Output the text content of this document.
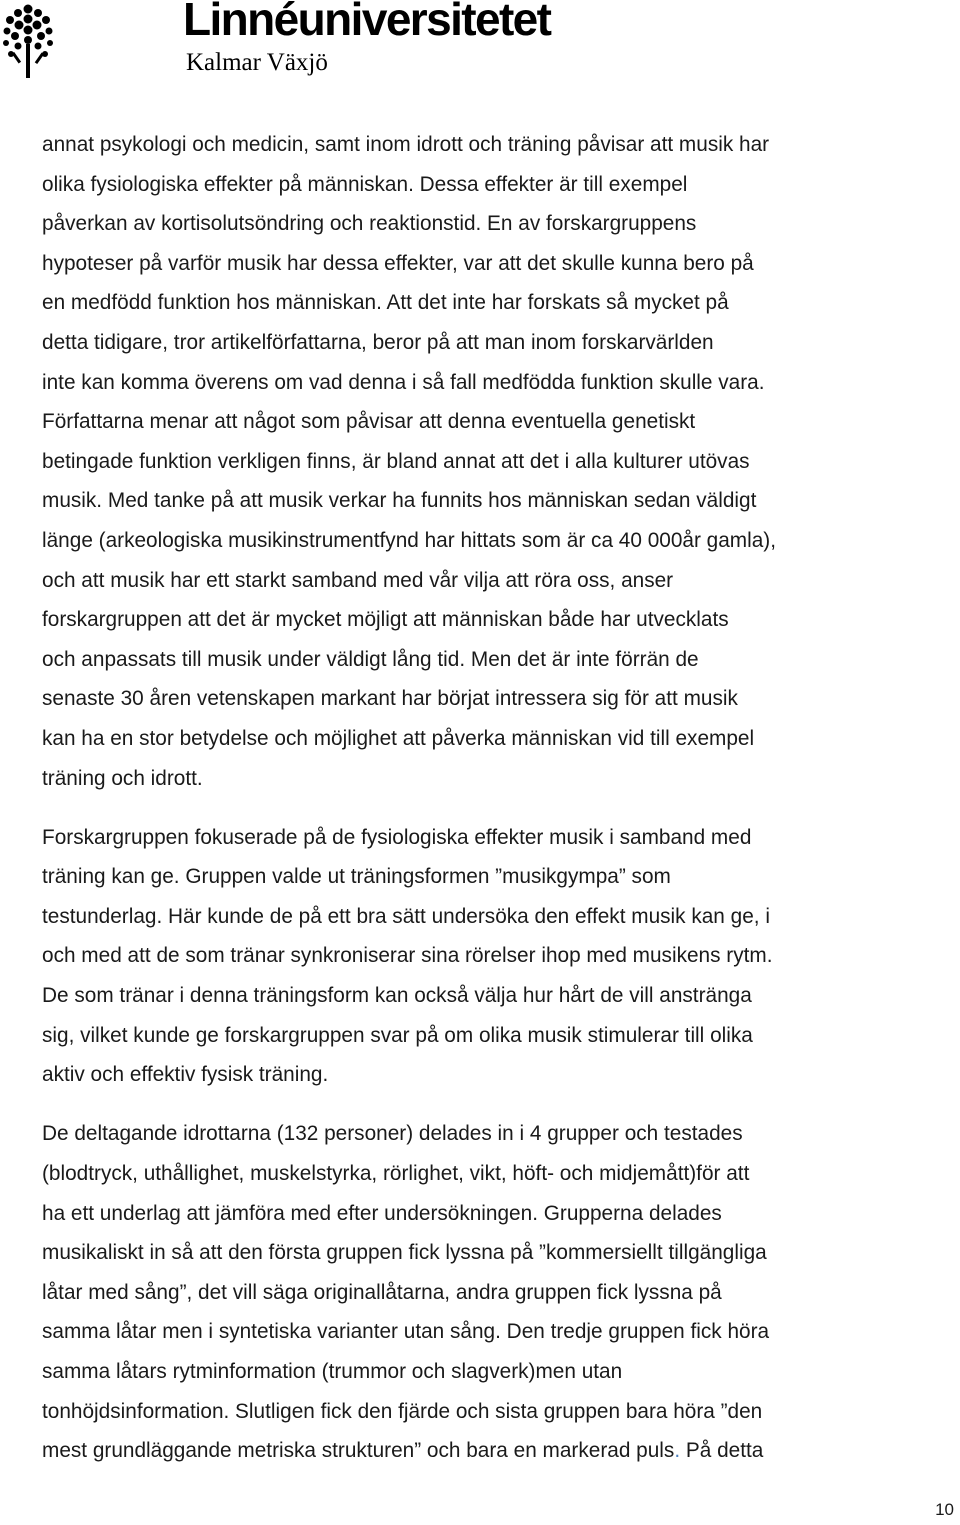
Linnéuniversitetet
Kalmar Växjö

annat psykologi och medicin, samt inom idrott och träning påvisar att musik har
olika fysiologiska effekter på människan. Dessa effekter är till exempel
påverkan av kortisolutsöndring och reaktionstid. En av forskargruppens
hypoteser på varför musik har dessa effekter, var att det skulle kunna bero på
en medfödd funktion hos människan. Att det inte har forskats så mycket på
detta tidigare, tror artikelförfattarna, beror på att man inom forskarvärlden
inte kan komma överens om vad denna i så fall medfödda funktion skulle vara.
Författarna menar att något som påvisar att denna eventuella genetiskt
betingade funktion verkligen finns, är bland annat att det i alla kulturer utövas
musik. Med tanke på att musik verkar ha funnits hos människan sedan väldigt
länge (arkeologiska musikinstrumentfynd har hittats som är ca 40 000år gamla),
och att musik har ett starkt samband med vår vilja att röra oss, anser
forskargruppen att det är mycket möjligt att människan både har utvecklats
och anpassats till musik under väldigt lång tid. Men det är inte förrän de
senaste 30 åren vetenskapen markant har börjat intressera sig för att musik
kan ha en stor betydelse och möjlighet att påverka människan vid till exempel
träning och idrott.

Forskargruppen fokuserade på de fysiologiska effekter musik i samband med
träning kan ge. Gruppen valde ut träningsformen ”musikgympa” som
testunderlag. Här kunde de på ett bra sätt undersöka den effekt musik kan ge, i
och med att de som tränar synkroniserar sina rörelser ihop med musikens rytm.
De som tränar i denna träningsform kan också välja hur hårt de vill anstränga
sig, vilket kunde ge forskargruppen svar på om olika musik stimulerar till olika
aktiv och effektiv fysisk träning.

De deltagande idrottarna (132 personer) delades in i 4 grupper och testades
(blodtryck, uthållighet, muskelstyrka, rörlighet, vikt, höft- och midjemått)för att
ha ett underlag att jämföra med efter undersökningen. Grupperna delades
musikaliskt in så att den första gruppen fick lyssna på ”kommersiellt tillgängliga
låtar med sång”, det vill säga originallåtarna, andra gruppen fick lyssna på
samma låtar men i syntetiska varianter utan sång. Den tredje gruppen fick höra
samma låtars rytminformation (trummor och slagverk)men utan
tonhöjdsinformation. Slutligen fick den fjärde och sista gruppen bara höra ”den
mest grundläggande metriska strukturen” och bara en markerad puls. På detta

10
